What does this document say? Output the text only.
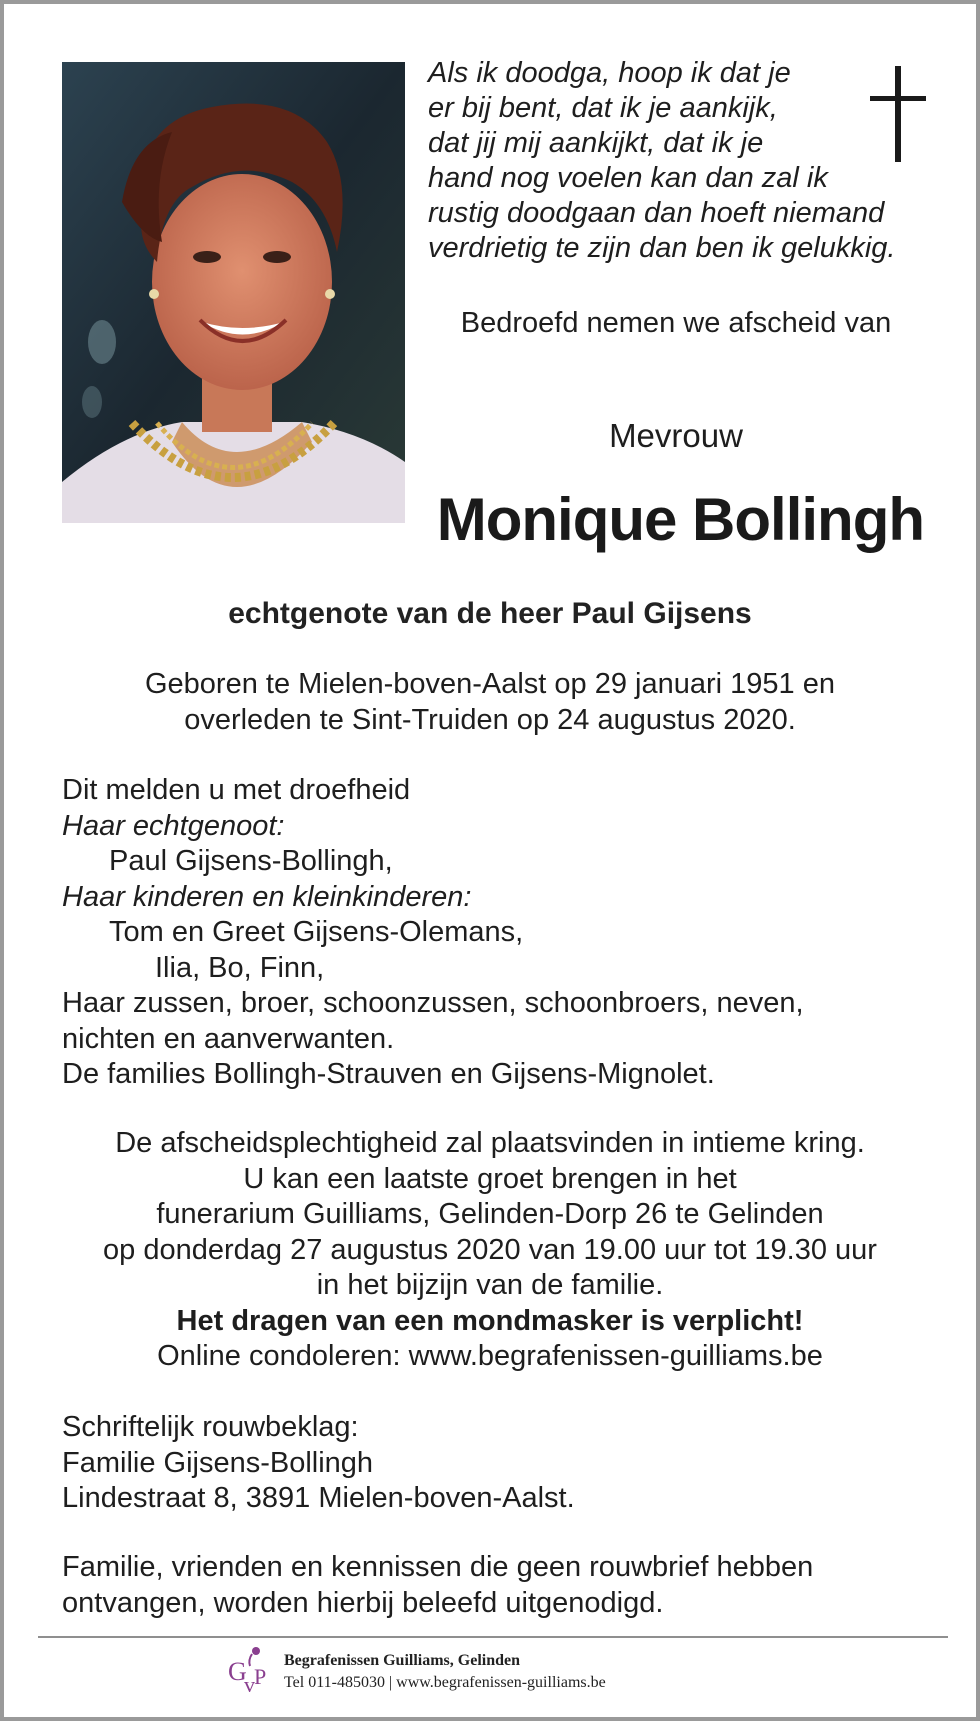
Als ik doodga, hoop ik dat je
er bij bent, dat ik je aankijk,
dat jij mij aankijkt, dat ik je
hand nog voelen kan dan zal ik
rustig doodgaan dan hoeft niemand
verdrietig te zijn dan ben ik gelukkig.
Bedroefd nemen we afscheid van
Mevrouw
Monique Bollingh
echtgenote van de heer Paul Gijsens
Geboren te Mielen-boven-Aalst op 29 januari 1951 en
overleden te Sint-Truiden op 24 augustus 2020.
Dit melden u met droefheid
Haar echtgenoot:
Paul Gijsens-Bollingh,
Haar kinderen en kleinkinderen:
Tom en Greet Gijsens-Olemans,
Ilia, Bo, Finn,
Haar zussen, broer, schoonzussen, schoonbroers, neven,
nichten en aanverwanten.
De families Bollingh-Strauven en Gijsens-Mignolet.
De afscheidsplechtigheid zal plaatsvinden in intieme kring.
U kan een laatste groet brengen in het
funerarium Guilliams, Gelinden-Dorp 26 te Gelinden
op donderdag 27 augustus 2020 van 19.00 uur tot 19.30 uur
in het bijzijn van de familie.
Het dragen van een mondmasker is verplicht!
Online condoleren: www.begrafenissen-guilliams.be
Schriftelijk rouwbeklag:
Familie Gijsens-Bollingh
Lindestraat 8, 3891 Mielen-boven-Aalst.
Familie, vrienden en kennissen die geen rouwbrief hebben
ontvangen, worden hierbij beleefd uitgenodigd.
G
v P
Begrafenissen Guilliams, Gelinden
Tel 011-485030 | www.begrafenissen-guilliams.be
